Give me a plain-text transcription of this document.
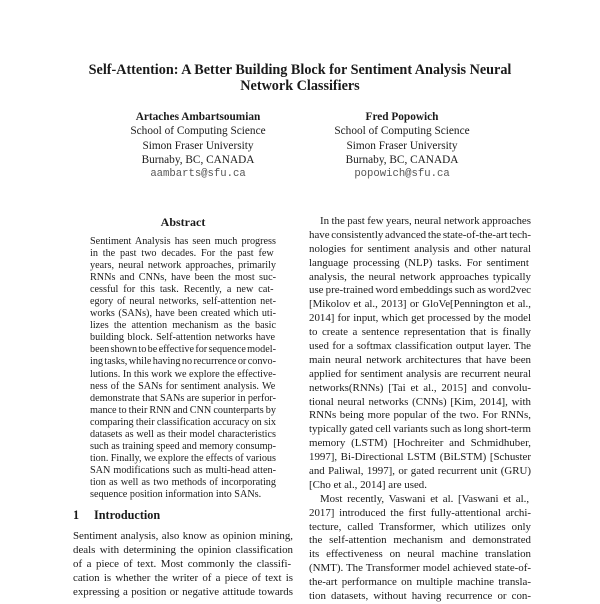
Self-Attention: A Better Building Block for Sentiment Analysis Neural
Network Classifiers
Artaches Ambartsoumian
School of Computing Science
Simon Fraser University
Burnaby, BC, CANADA
aambarts@sfu.ca
Fred Popowich
School of Computing Science
Simon Fraser University
Burnaby, BC, CANADA
popowich@sfu.ca
Abstract
Sentiment Analysis has seen much progress
in the past two decades. For the past few
years, neural network approaches, primarily
RNNs and CNNs, have been the most suc-
cessful for this task. Recently, a new cat-
egory of neural networks, self-attention net-
works (SANs), have been created which uti-
lizes the attention mechanism as the basic
building block. Self-attention networks have
been shown to be effective for sequence model-
ing tasks, while having no recurrence or convo-
lutions. In this work we explore the effective-
ness of the SANs for sentiment analysis. We
demonstrate that SANs are superior in perfor-
mance to their RNN and CNN counterparts by
comparing their classification accuracy on six
datasets as well as their model characteristics
such as training speed and memory consump-
tion. Finally, we explore the effects of various
SAN modifications such as multi-head atten-
tion as well as two methods of incorporating
sequence position information into SANs.
1 Introduction
Sentiment analysis, also know as opinion mining,
deals with determining the opinion classification
of a piece of text. Most commonly the classifi-
cation is whether the writer of a piece of text is
expressing a position or negative attitude towards
In the past few years, neural network approaches
have consistently advanced the state-of-the-art tech-
nologies for sentiment analysis and other natural
language processing (NLP) tasks. For sentiment
analysis, the neural network approaches typically
use pre-trained word embeddings such as word2vec
[Mikolov et al., 2013] or GloVe[Pennington et al.,
2014] for input, which get processed by the model
to create a sentence representation that is finally
used for a softmax classification output layer. The
main neural network architectures that have been
applied for sentiment analysis are recurrent neural
networks(RNNs) [Tai et al., 2015] and convolu-
tional neural networks (CNNs) [Kim, 2014], with
RNNs being more popular of the two. For RNNs,
typically gated cell variants such as long short-term
memory (LSTM) [Hochreiter and Schmidhuber,
1997], Bi-Directional LSTM (BiLSTM) [Schuster
and Paliwal, 1997], or gated recurrent unit (GRU)
[Cho et al., 2014] are used.
Most recently, Vaswani et al. [Vaswani et al.,
2017] introduced the first fully-attentional archi-
tecture, called Transformer, which utilizes only
the self-attention mechanism and demonstrated
its effectiveness on neural machine translation
(NMT). The Transformer model achieved state-of-
the-art performance on multiple machine transla-
tion datasets, without having recurrence or con-
